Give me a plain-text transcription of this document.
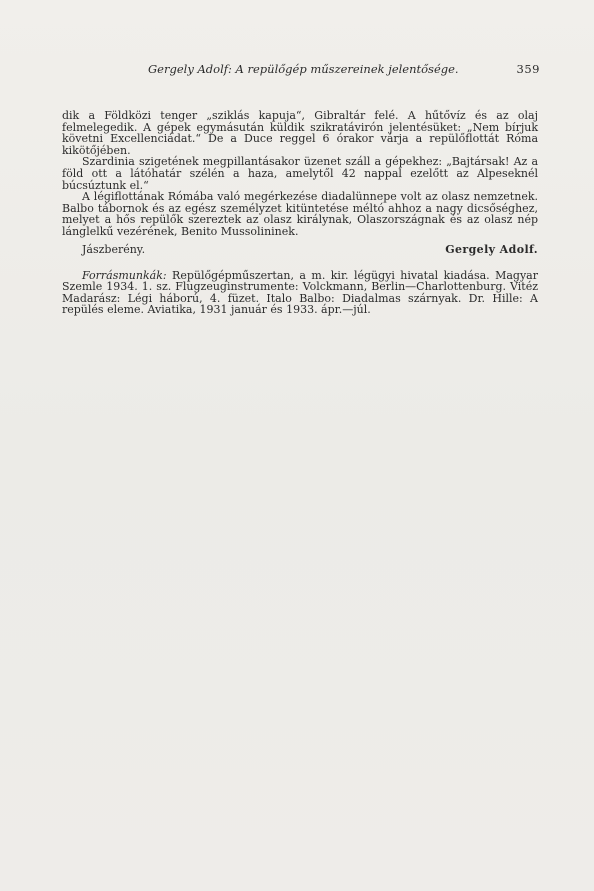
Gergely Adolf: A repülőgép műszereinek jelentősége.	359

dik a Földközi tenger „sziklás kapuja“, Gibraltár felé. A hűtővíz és az olaj felmelegedik. A gépek egymásután küldik szikratávirón jelentésüket: „Nem bírjuk követni Excellenciádat.“ De a Duce reggel 6 órakor várja a repülőflottát Róma kikötőjében.

Szardinia szigetének megpillantásakor üzenet száll a gépekhez: „Bajtársak! Az a föld ott a látóhatár szélén a haza, amelytől 42 nappal ezelőtt az Alpeseknél búcsúztunk el.“

A légiflottának Rómába való megérkezése diadalünnepe volt az olasz nemzetnek. Balbo tábornok és az egész személyzet kitüntetése méltó ahhoz a nagy dicsőséghez, melyet a hős repülők szereztek az olasz királynak, Olaszországnak és az olasz nép lánglelkű vezérének, Benito Mussolininek.

Jászberény.	Gergely Adolf.

Forrásmunkák: Repülőgépműszertan, a m. kir. légügyi hivatal kiadása. Magyar Szemle 1934. 1. sz. Flugzeuginstrumente: Volckmann, Berlin—Charlottenburg. Vitéz Madarász: Légi háború, 4. füzet. Italo Balbo: Diadalmas szárnyak. Dr. Hille: A repülés eleme. Aviatika, 1931 január és 1933. ápr.—júl.
